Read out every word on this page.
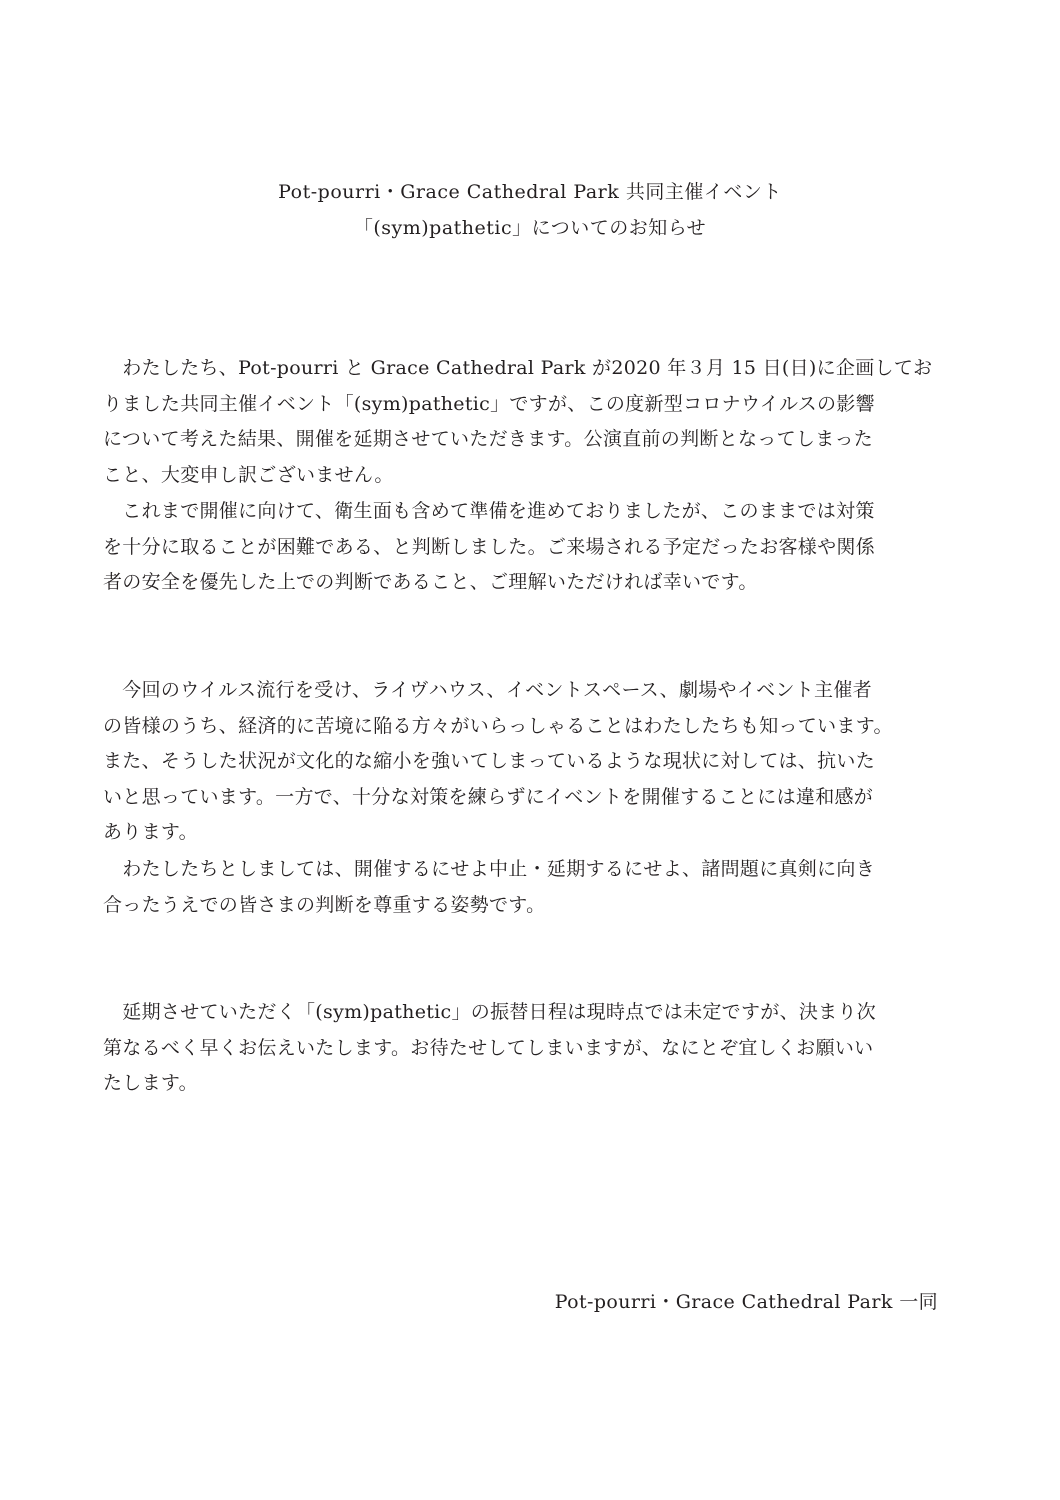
Pot-pourri・Grace Cathedral Park 共同主催イベント
「(sym)pathetic」についてのお知らせ
　わたしたち、Pot-pourri と Grace Cathedral Park が2020 年３月 15 日(日)に企画してお
りました共同主催イベント「(sym)pathetic」ですが、この度新型コロナウイルスの影響
について考えた結果、開催を延期させていただきます。公演直前の判断となってしまった
こと、大変申し訳ございません。
　これまで開催に向けて、衛生面も含めて準備を進めておりましたが、このままでは対策
を十分に取ることが困難である、と判断しました。ご来場される予定だったお客様や関係
者の安全を優先した上での判断であること、ご理解いただければ幸いです。
　今回のウイルス流行を受け、ライヴハウス、イベントスペース、劇場やイベント主催者
の皆様のうち、経済的に苦境に陥る方々がいらっしゃることはわたしたちも知っています。
また、そうした状況が文化的な縮小を強いてしまっているような現状に対しては、抗いた
いと思っています。一方で、十分な対策を練らずにイベントを開催することには違和感が
あります。
　わたしたちとしましては、開催するにせよ中止・延期するにせよ、諸問題に真剣に向き
合ったうえでの皆さまの判断を尊重する姿勢です。
　延期させていただく「(sym)pathetic」の振替日程は現時点では未定ですが、決まり次
第なるべく早くお伝えいたします。お待たせしてしまいますが、なにとぞ宜しくお願いい
たします。
Pot-pourri・Grace Cathedral Park 一同
